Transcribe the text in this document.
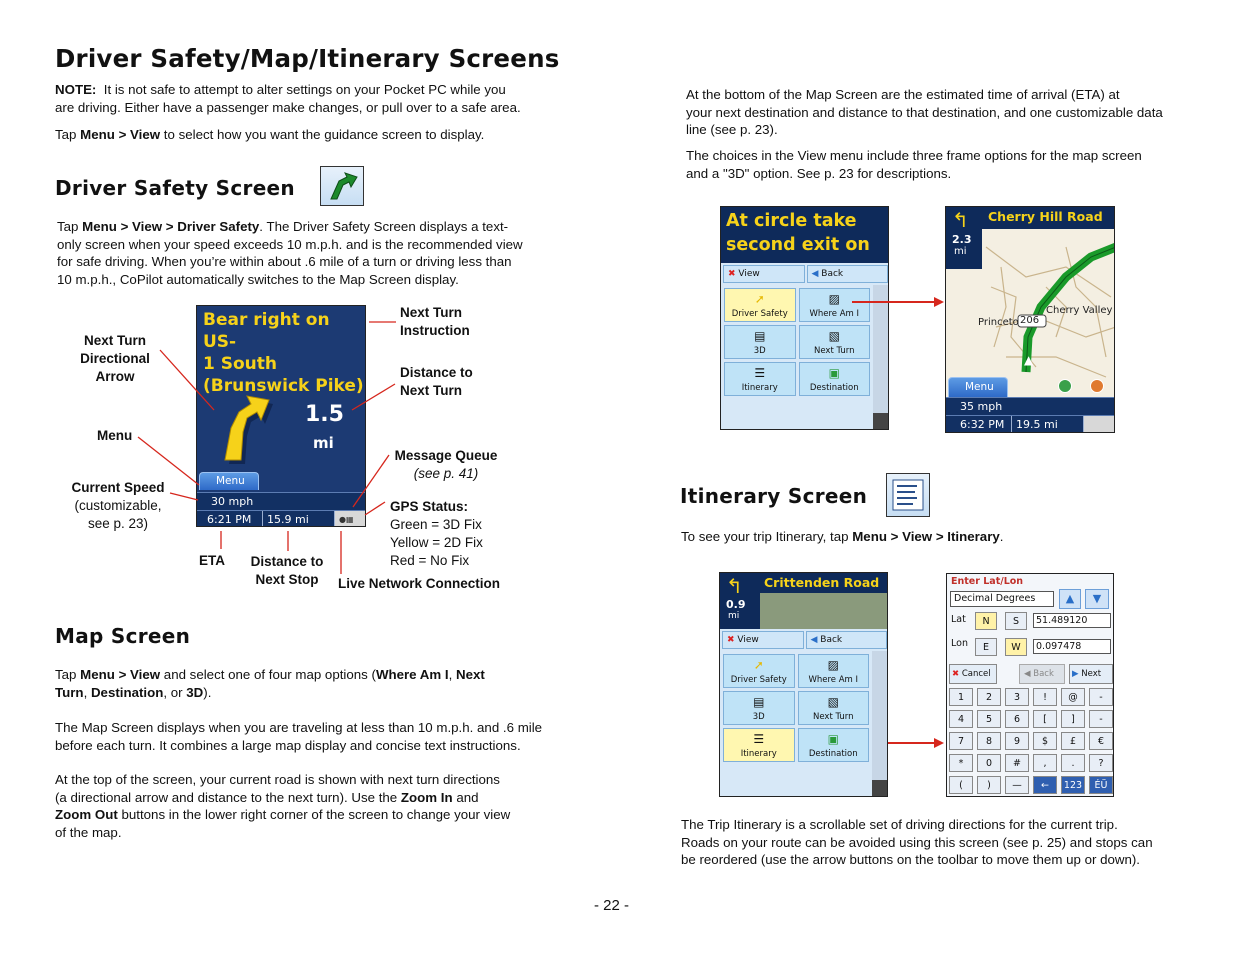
Driver Safety/Map/Itinerary Screens
NOTE: It is not safe to attempt to alter settings on your Pocket PC while you
are driving. Either have a passenger make changes, or pull over to a safe area.
Tap Menu > View to select how you want the guidance screen to display.
Driver Safety Screen
Tap Menu > View > Driver Safety. The Driver Safety Screen displays a text-
only screen when your speed exceeds 10 m.p.h. and is the recommended view
for safe driving. When you’re within about .6 mile of a turn or driving less than
10 m.p.h., CoPilot automatically switches to the Map Screen display.
Bear right on US-
1 South
(Brunswick Pike)
1.5
mi
Menu
30 mph
6:21 PM	15.9 mi	●▦
Next Turn
Directional
Arrow
Menu
Current Speed
(customizable,
see p. 23)
Next Turn
Instruction
Distance to
Next Turn
Message Queue
(see p. 41)
GPS Status:
Green = 3D Fix
Yellow = 2D Fix
Red = No Fix
ETA	Distance to
Next Stop	Live Network Connection
Map Screen
Tap Menu > View and select one of four map options (Where Am I, Next
Turn, Destination, or 3D).
The Map Screen displays when you are traveling at less than 10 m.p.h. and .6 mile
before each turn. It combines a large map display and concise text instructions.
At the top of the screen, your current road is shown with next turn directions
(a directional arrow and distance to the next turn). Use the Zoom In and
Zoom Out buttons in the lower right corner of the screen to change your view
of the map.
At the bottom of the Map Screen are the estimated time of arrival (ETA) at
your next destination and distance to that destination, and one customizable data
line (see p. 23).
The choices in the View menu include three frame options for the map screen
and a "3D" option. See p. 23 for descriptions.
At circle take
second exit on
✖ View	◀ Back
➚
Driver Safety
▨
Where Am I
▤
3D
▧
Next Turn
☰
Itinerary
▣
Destination
↰
2.3
mi
Cherry Hill Road
Princeto 206
Cherry Valley
▲
Menu
35 mph
6:32 PM	19.5 mi
Itinerary Screen
To see your trip Itinerary, tap Menu > View > Itinerary.
↰
0.9
mi
Crittenden Road
✖ View	◀ Back
➚
Driver Safety
▨
Where Am I
▤
3D
▧
Next Turn
☰
Itinerary
▣
Destination
Enter Lat/Lon
Decimal Degrees	▲	▼
Lat	N	S	51.489120
Lon	E	W	0.097478
✖ Cancel	◀ Back	▶ Next
1	2	3	!	@	-
4	5	6	[	]	-
7	8	9	$	£	€
*	0	#	,	.	?
(	)	—	←	123	ÉÜ
The Trip Itinerary is a scrollable set of driving directions for the current trip.
Roads on your route can be avoided using this screen (see p. 25) and stops can
be reordered (use the arrow buttons on the toolbar to move them up or down).
- 22 -
